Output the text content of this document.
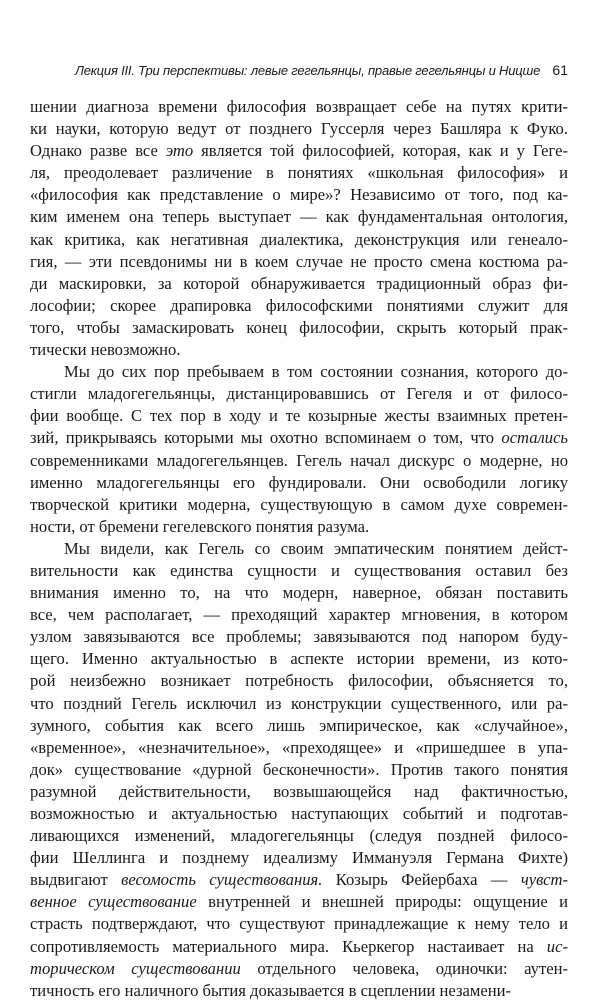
Лекция III. Три перспективы: левые гегельянцы, правые гегельянцы и Ницше 61
шении диагноза времени философия возвращает себе на путях крити-
ки науки, которую ведут от позднего Гуссерля через Башляра к Фуко.
Однако разве все это является той философией, которая, как и у Геге-
ля, преодолевает различение в понятиях «школьная философия» и
«философия как представление о мире»? Независимо от того, под ка-
ким именем она теперь выступает — как фундаментальная онтология,
как критика, как негативная диалектика, деконструкция или генеало-
гия, — эти псевдонимы ни в коем случае не просто смена костюма ра-
ди маскировки, за которой обнаруживается традиционный образ фи-
лософии; скорее драпировка философскими понятиями служит для
того, чтобы замаскировать конец философии, скрыть который прак-
тически невозможно.
Мы до сих пор пребываем в том состоянии сознания, которого до-
стигли младогегельянцы, дистанцировавшись от Гегеля и от филосо-
фии вообще. С тех пор в ходу и те козырные жесты взаимных претен-
зий, прикрываясь которыми мы охотно вспоминаем о том, что остались
современниками младогегельянцев. Гегель начал дискурс о модерне, но
именно младогегельянцы его фундировали. Они освободили логику
творческой критики модерна, существующую в самом духе современ-
ности, от бремени гегелевского понятия разума.
Мы видели, как Гегель со своим эмпатическим понятием дейст-
вительности как единства сущности и существования оставил без
внимания именно то, на что модерн, наверное, обязан поставить
все, чем располагает, — преходящий характер мгновения, в котором
узлом завязываются все проблемы; завязываются под напором буду-
щего. Именно актуальностью в аспекте истории времени, из кото-
рой неизбежно возникает потребность философии, объясняется то,
что поздний Гегель исключил из конструкции существенного, или ра-
зумного, события как всего лишь эмпирическое, как «случайное»,
«временное», «незначительное», «преходящее» и «пришедшее в упа-
док» существование «дурной бесконечности». Против такого понятия
разумной действительности, возвышающейся над фактичностью,
возможностью и актуальностью наступающих событий и подготав-
ливающихся изменений, младогегельянцы (следуя поздней филосо-
фии Шеллинга и позднему идеализму Иммануэля Германа Фихте)
выдвигают весомость существования. Козырь Фейербаха — чувст-
венное существование внутренней и внешней природы: ощущение и
страсть подтверждают, что существуют принадлежащие к нему тело и
сопротивляемость материального мира. Кьеркегор настаивает на ис-
торическом существовании отдельного человека, одиночки: аутен-
тичность его наличного бытия доказывается в сцеплении незамени-
